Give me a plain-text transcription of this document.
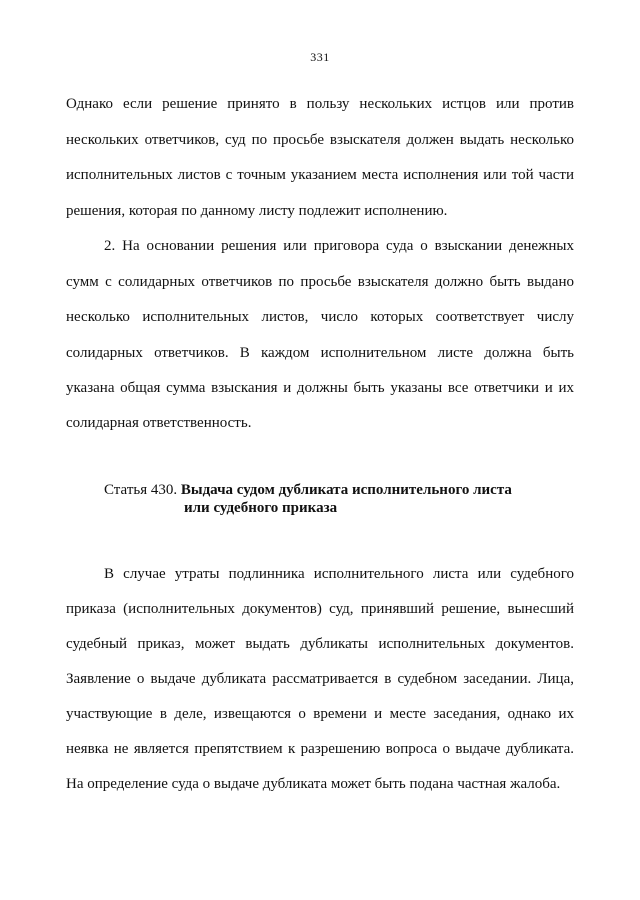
331
Однако если решение принято в пользу нескольких истцов или против
нескольких ответчиков, суд по просьбе взыскателя должен выдать несколько
исполнительных листов с точным указанием места исполнения или той части
решения, которая по данному листу подлежит исполнению.
2. На основании решения или приговора суда о взыскании денежных
сумм с солидарных ответчиков по просьбе взыскателя должно быть выдано
несколько исполнительных листов, число которых соответствует числу
солидарных ответчиков. В каждом исполнительном листе должна быть
указана общая сумма взыскания и должны быть указаны все ответчики и их
солидарная ответственность.
Статья 430. Выдача судом дубликата исполнительного листа
или судебного приказа
В случае утраты подлинника исполнительного листа или судебного
приказа (исполнительных документов) суд, принявший решение, вынесший
судебный приказ, может выдать дубликаты исполнительных документов.
Заявление о выдаче дубликата рассматривается в судебном заседании. Лица,
участвующие в деле, извещаются о времени и месте заседания, однако их
неявка не является препятствием к разрешению вопроса о выдаче дубликата.
На определение суда о выдаче дубликата может быть подана частная жалоба.
